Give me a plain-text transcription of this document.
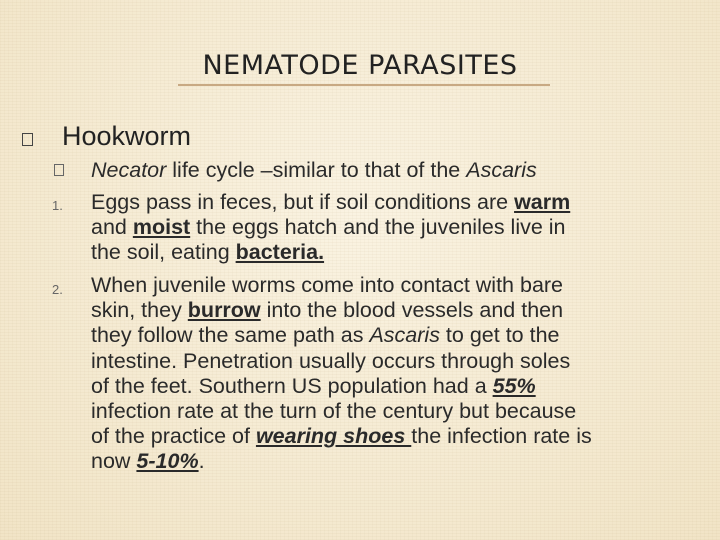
NEMATODE PARASITES
Hookworm
Necator life cycle –similar to that of the Ascaris
1. Eggs pass in feces, but if soil conditions are warm
and moist the eggs hatch and the juveniles live in
the soil, eating bacteria.
2. When juvenile worms come into contact with bare
skin, they burrow into the blood vessels and then
they follow the same path as Ascaris to get to the
intestine. Penetration usually occurs through soles
of the feet. Southern US population had a 55%
infection rate at the turn of the century but because
of the practice of wearing shoes the infection rate is
now 5-10%.
